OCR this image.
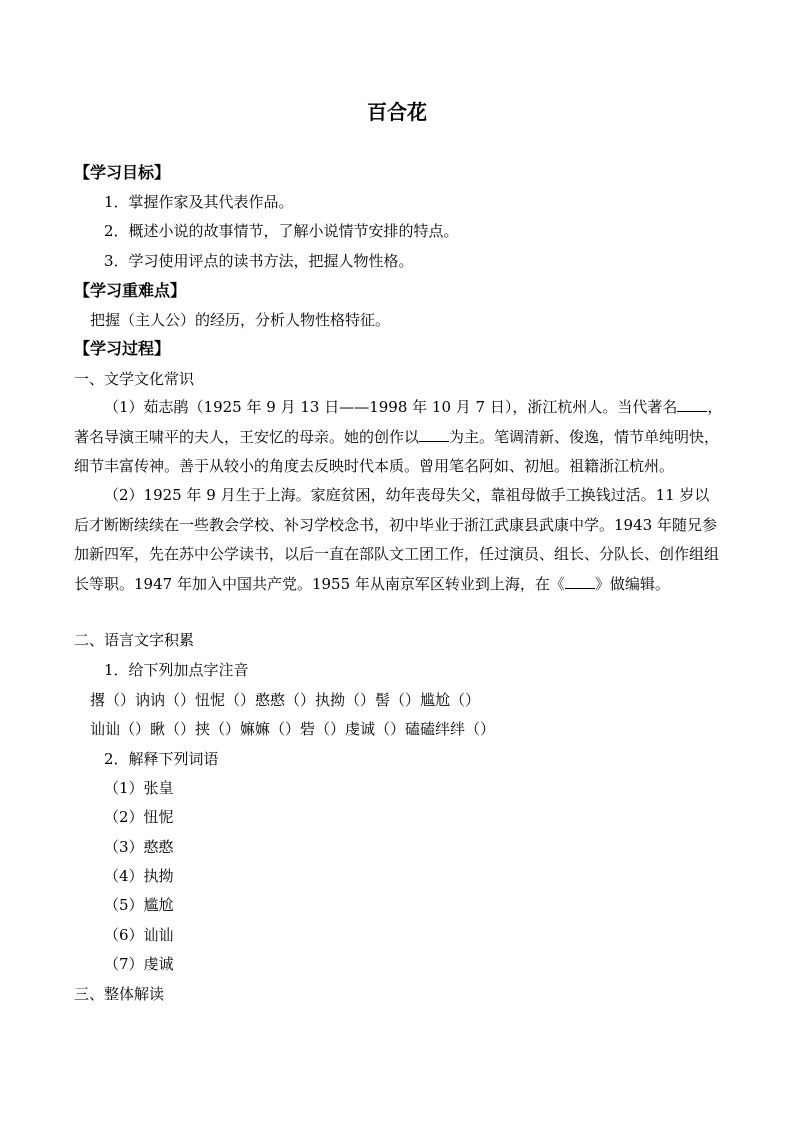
百合花
【学习目标】
1．掌握作家及其代表作品。
2．概述小说的故事情节，了解小说情节安排的特点。
3．学习使用评点的读书方法，把握人物性格。
【学习重难点】
把握（主人公）的经历，分析人物性格特征。
【学习过程】
一、文学文化常识
（1）茹志鹃（1925 年 9 月 13 日——1998 年 10 月 7 日），浙江杭州人。当代著名 ，著名导演王啸平的夫人，王安忆的母亲。她的创作以 为主。笔调清新、俊逸，情节单纯明快，细节丰富传神。善于从较小的角度去反映时代本质。曾用笔名阿如、初旭。祖籍浙江杭州。
（2）1925 年 9 月生于上海。家庭贫困，幼年丧母失父，靠祖母做手工换钱过活。11 岁以后才断断续续在一些教会学校、补习学校念书，初中毕业于浙江武康县武康中学。1943 年随兄参加新四军，先在苏中公学读书，以后一直在部队文工团工作，任过演员、组长、分队长、创作组组长等职。1947 年加入中国共产党。1955 年从南京军区转业到上海，在《 》做编辑。
二、语言文字积累
1．给下列加点字注音
撂（）讷讷（）忸怩（）憨憨（）执拗（）髻（）尴尬（）
讪讪（）瞅（）挟（）嫲嫲（）砦（）虔诚（）磕磕绊绊（）
2．解释下列词语
（1）张皇
（2）忸怩
（3）憨憨
（4）执拗
（5）尴尬
（6）讪讪
（7）虔诚
三、整体解读
